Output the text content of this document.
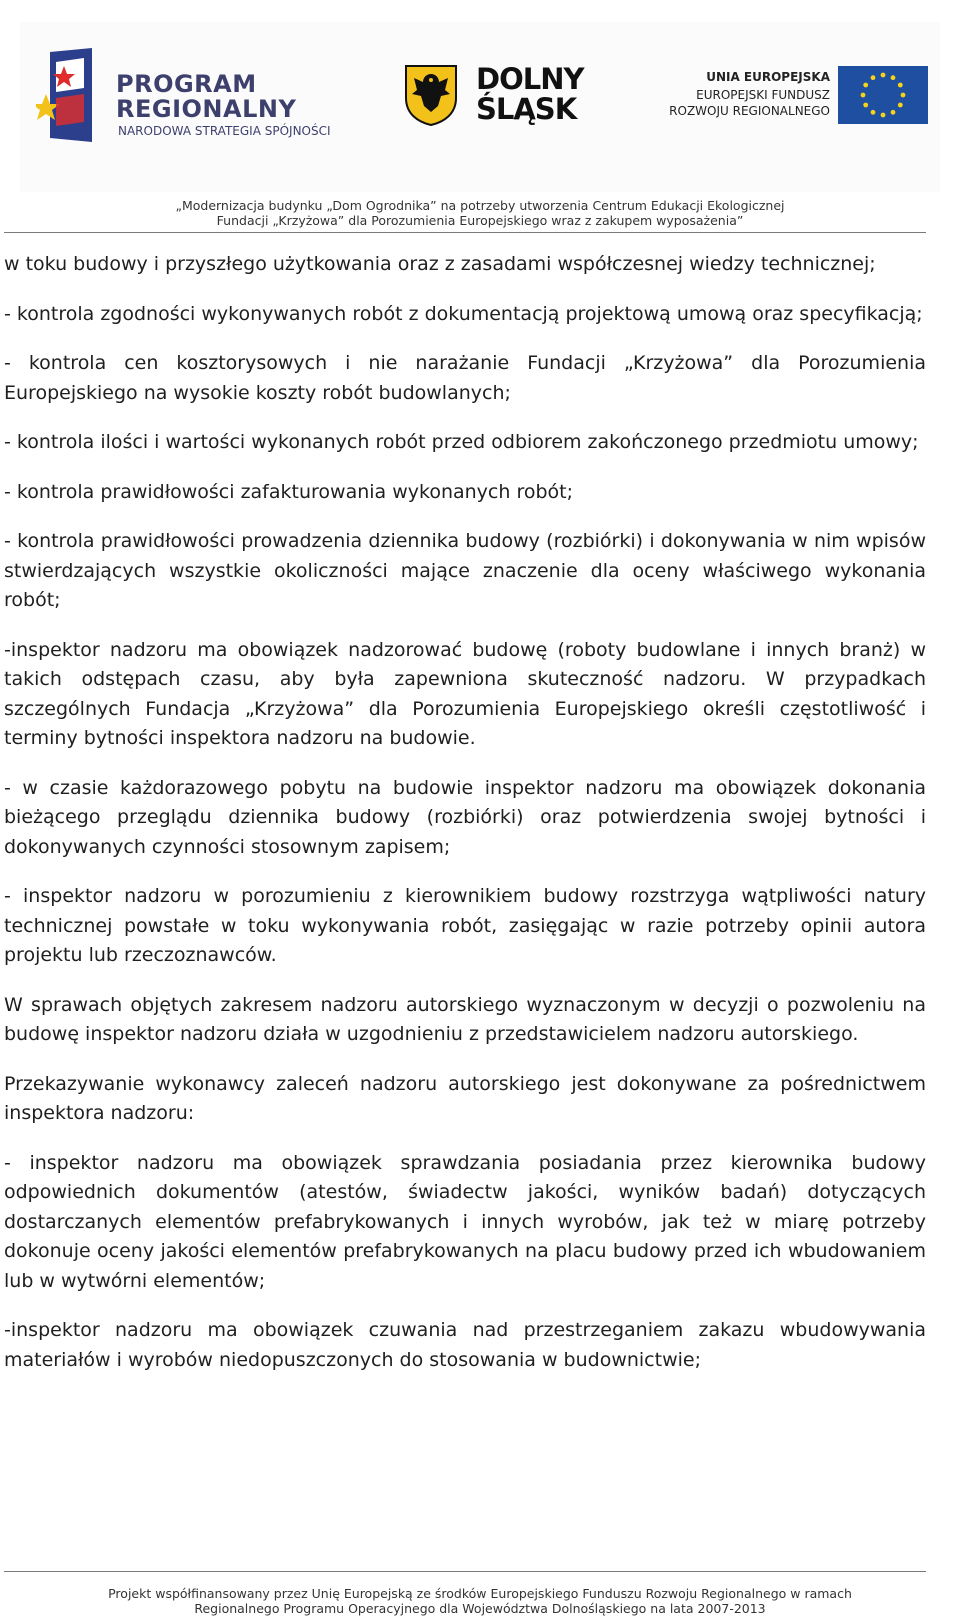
PROGRAM
REGIONALNY
NARODOWA STRATEGIA SPÓJNOŚCI
DOLNY
ŚLĄSK
UNIA EUROPEJSKA
EUROPEJSKI FUNDUSZ
ROZWOJU REGIONALNEGO
„Modernizacja budynku „Dom Ogrodnika” na potrzeby utworzenia Centrum Edukacji Ekologicznej
Fundacji „Krzyżowa” dla Porozumienia Europejskiego wraz z zakupem wyposażenia”

w toku budowy i przyszłego użytkowania oraz z zasadami współczesnej wiedzy technicznej;

- kontrola zgodności wykonywanych robót z dokumentacją projektową umową oraz specyfikacją;

- kontrola cen kosztorysowych i nie narażanie Fundacji „Krzyżowa” dla Porozumienia Europejskiego na wysokie koszty robót budowlanych;

- kontrola ilości i wartości wykonanych robót przed odbiorem zakończonego przedmiotu umowy;

- kontrola prawidłowości zafakturowania wykonanych robót;

- kontrola prawidłowości prowadzenia dziennika budowy (rozbiórki) i dokonywania w nim wpisów stwierdzających wszystkie okoliczności mające znaczenie dla oceny właściwego wykonania robót;

-inspektor nadzoru ma obowiązek nadzorować budowę (roboty budowlane i innych branż) w takich odstępach czasu, aby była zapewniona skuteczność nadzoru. W przypadkach szczególnych Fundacja „Krzyżowa” dla Porozumienia Europejskiego określi częstotliwość i terminy bytności inspektora nadzoru na budowie.

- w czasie każdorazowego pobytu na budowie inspektor nadzoru ma obowiązek dokonania bieżącego przeglądu dziennika budowy (rozbiórki) oraz potwierdzenia swojej bytności i dokonywanych czynności stosownym zapisem;

- inspektor nadzoru w porozumieniu z kierownikiem budowy rozstrzyga wątpliwości natury technicznej powstałe w toku wykonywania robót, zasięgając w razie potrzeby opinii autora projektu lub rzeczoznawców.

W sprawach objętych zakresem nadzoru autorskiego wyznaczonym w decyzji o pozwoleniu na budowę inspektor nadzoru działa w uzgodnieniu z przedstawicielem nadzoru autorskiego.

Przekazywanie wykonawcy zaleceń nadzoru autorskiego jest dokonywane za pośrednictwem inspektora nadzoru:

- inspektor nadzoru ma obowiązek sprawdzania posiadania przez kierownika budowy odpowiednich dokumentów (atestów, świadectw jakości, wyników badań) dotyczących dostarczanych elementów prefabrykowanych i innych wyrobów, jak też w miarę potrzeby dokonuje oceny jakości elementów prefabrykowanych na placu budowy przed ich wbudowaniem lub w wytwórni elementów;

-inspektor nadzoru ma obowiązek czuwania nad przestrzeganiem zakazu wbudowywania materiałów i wyrobów niedopuszczonych do stosowania w budownictwie;

Projekt współfinansowany przez Unię Europejską ze środków Europejskiego Funduszu Rozwoju Regionalnego w ramach
Regionalnego Programu Operacyjnego dla Województwa Dolnośląskiego na lata 2007-2013
